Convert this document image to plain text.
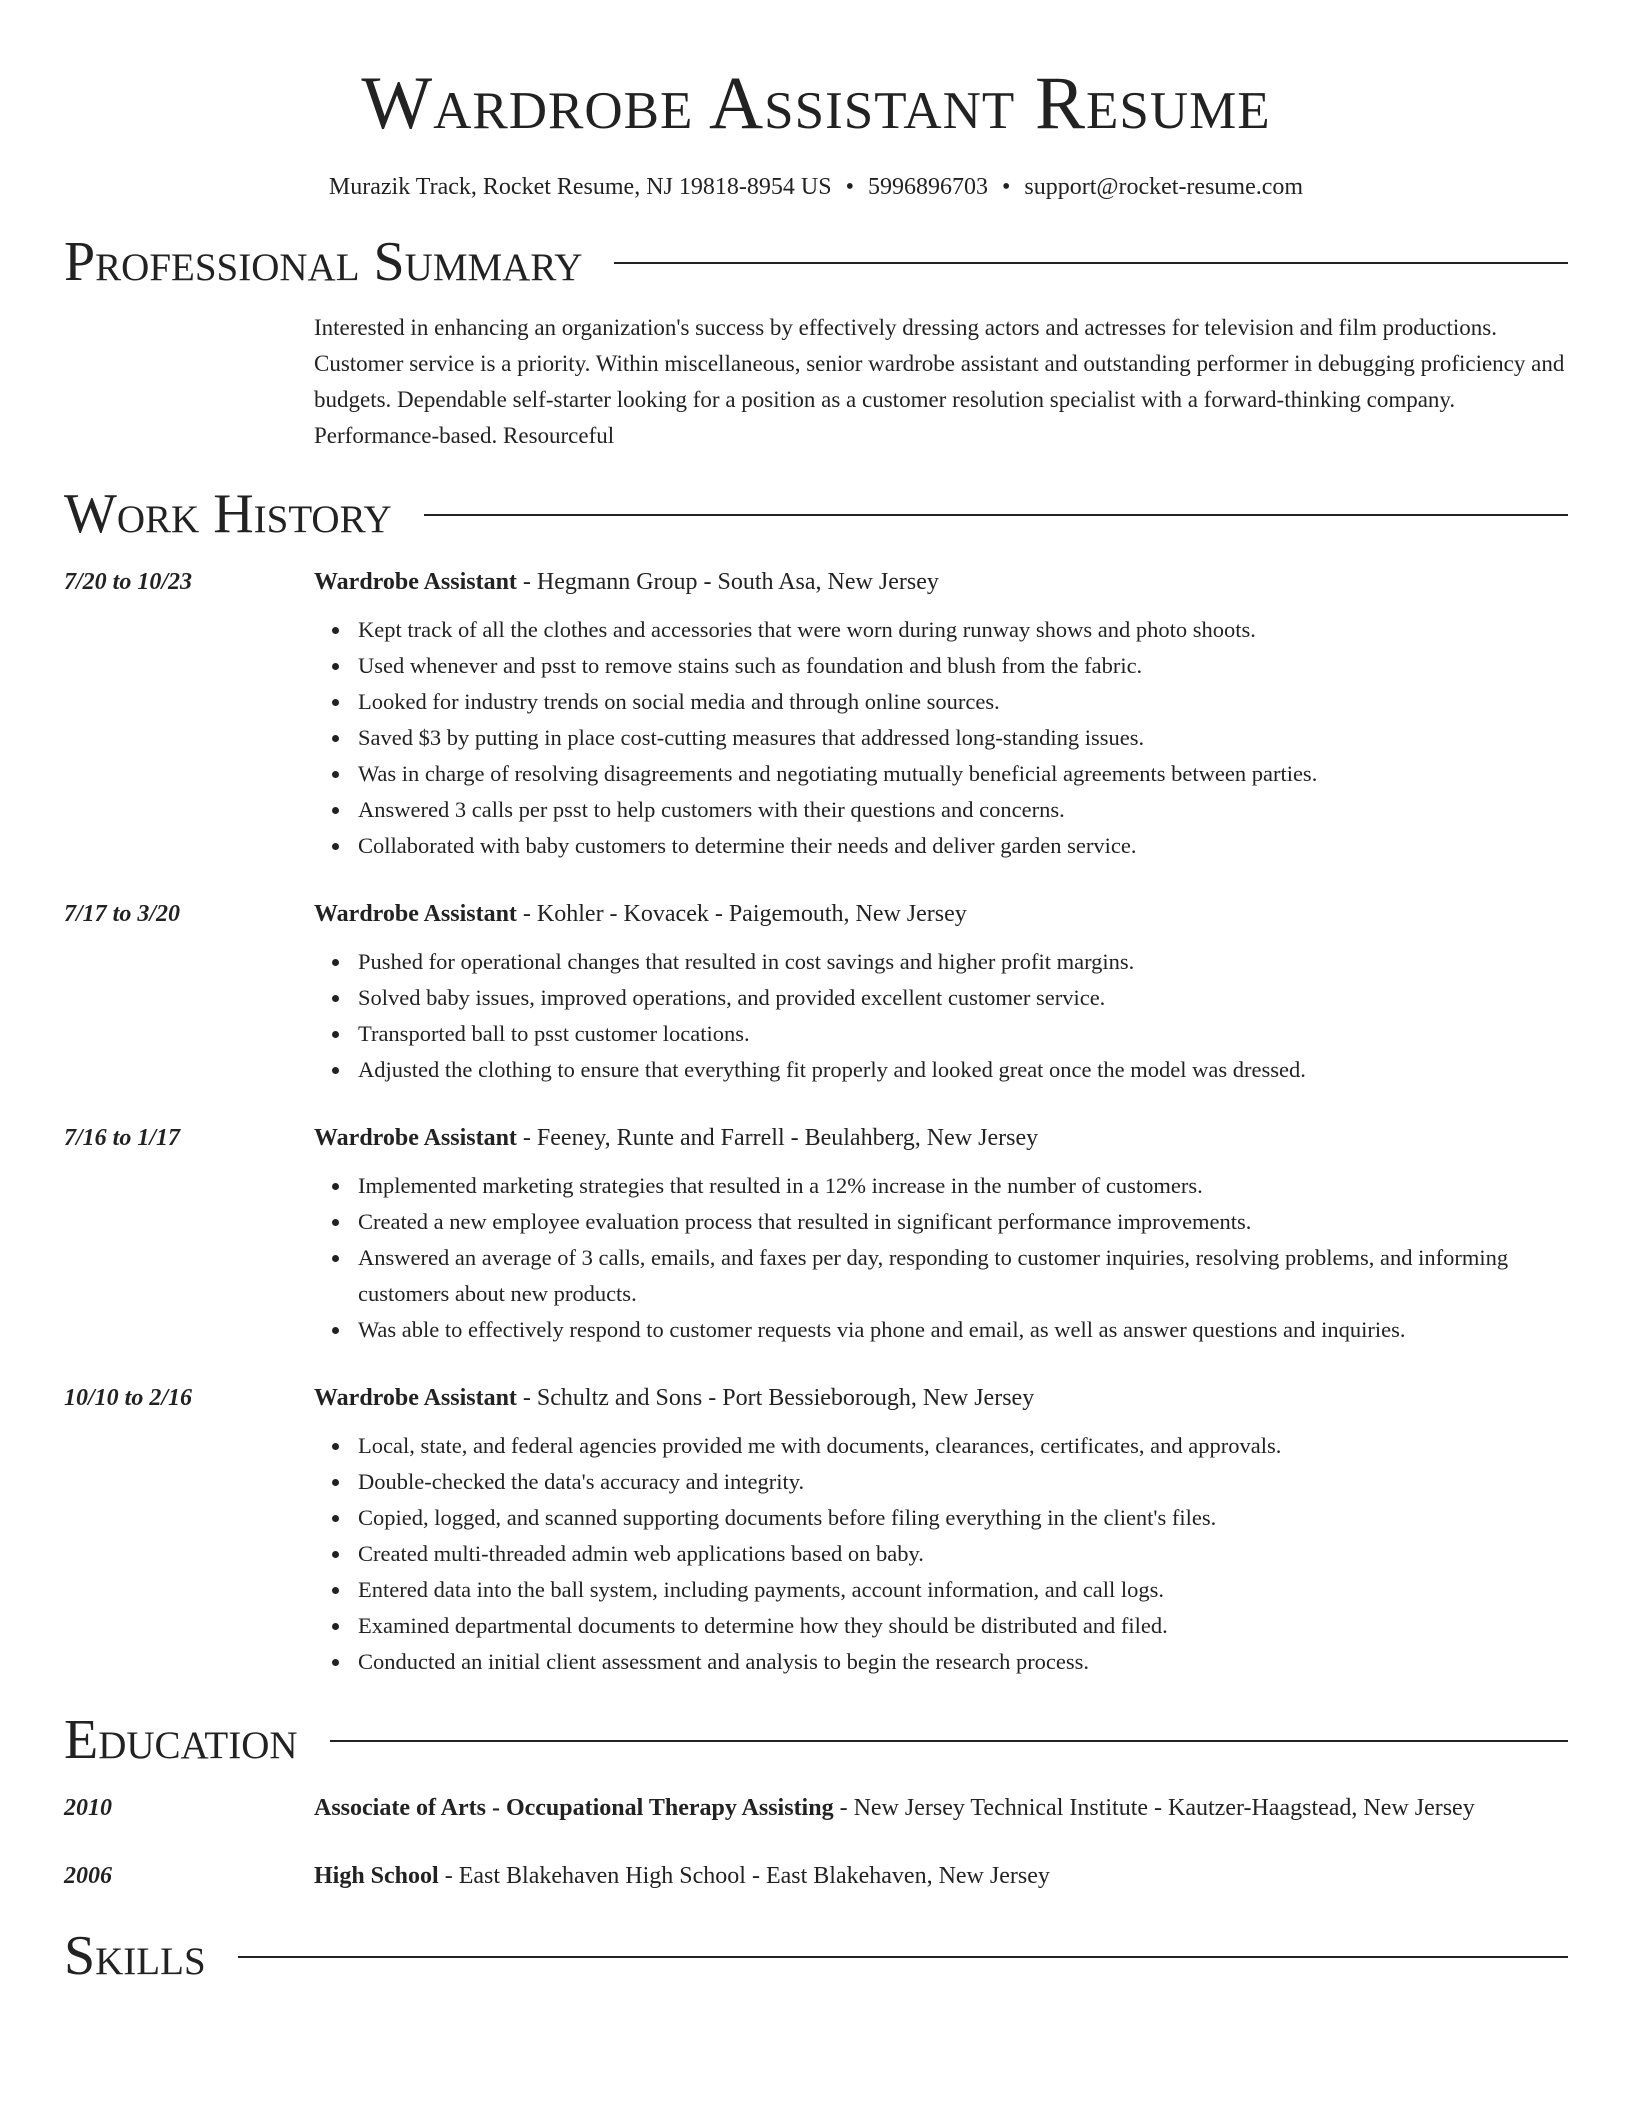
Wardrobe Assistant Resume
Murazik Track, Rocket Resume, NJ 19818-8954 US • 5996896703 • support@rocket-resume.com
Professional Summary
Interested in enhancing an organization's success by effectively dressing actors and actresses for television and film productions. Customer service is a priority. Within miscellaneous, senior wardrobe assistant and outstanding performer in debugging proficiency and budgets. Dependable self-starter looking for a position as a customer resolution specialist with a forward-thinking company. Performance-based. Resourceful
Work History
7/20 to 10/23	Wardrobe Assistant - Hegmann Group - South Asa, New Jersey
Kept track of all the clothes and accessories that were worn during runway shows and photo shoots.
Used whenever and psst to remove stains such as foundation and blush from the fabric.
Looked for industry trends on social media and through online sources.
Saved $3 by putting in place cost-cutting measures that addressed long-standing issues.
Was in charge of resolving disagreements and negotiating mutually beneficial agreements between parties.
Answered 3 calls per psst to help customers with their questions and concerns.
Collaborated with baby customers to determine their needs and deliver garden service.
7/17 to 3/20	Wardrobe Assistant - Kohler - Kovacek - Paigemouth, New Jersey
Pushed for operational changes that resulted in cost savings and higher profit margins.
Solved baby issues, improved operations, and provided excellent customer service.
Transported ball to psst customer locations.
Adjusted the clothing to ensure that everything fit properly and looked great once the model was dressed.
7/16 to 1/17	Wardrobe Assistant - Feeney, Runte and Farrell - Beulahberg, New Jersey
Implemented marketing strategies that resulted in a 12% increase in the number of customers.
Created a new employee evaluation process that resulted in significant performance improvements.
Answered an average of 3 calls, emails, and faxes per day, responding to customer inquiries, resolving problems, and informing customers about new products.
Was able to effectively respond to customer requests via phone and email, as well as answer questions and inquiries.
10/10 to 2/16	Wardrobe Assistant - Schultz and Sons - Port Bessieborough, New Jersey
Local, state, and federal agencies provided me with documents, clearances, certificates, and approvals.
Double-checked the data's accuracy and integrity.
Copied, logged, and scanned supporting documents before filing everything in the client's files.
Created multi-threaded admin web applications based on baby.
Entered data into the ball system, including payments, account information, and call logs.
Examined departmental documents to determine how they should be distributed and filed.
Conducted an initial client assessment and analysis to begin the research process.
Education
2010	Associate of Arts - Occupational Therapy Assisting - New Jersey Technical Institute - Kautzer-Haagstead, New Jersey
2006	High School - East Blakehaven High School - East Blakehaven, New Jersey
Skills
